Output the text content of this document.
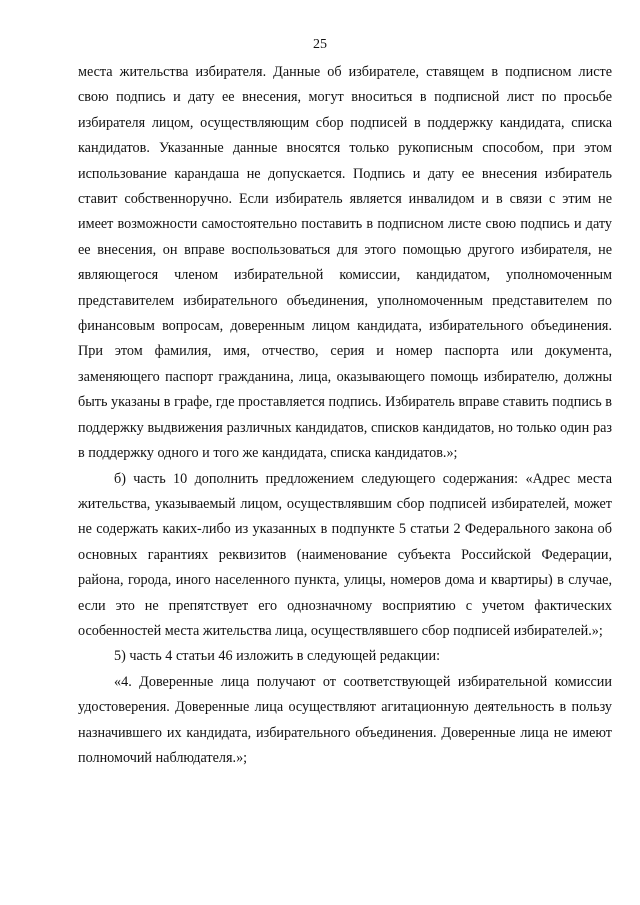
25

места жительства избирателя. Данные об избирателе, ставящем в подписном листе свою подпись и дату ее внесения, могут вноситься в подписной лист по просьбе избирателя лицом, осуществляющим сбор подписей в поддержку кандидата, списка кандидатов. Указанные данные вносятся только рукописным способом, при этом использование карандаша не допускается. Подпись и дату ее внесения избиратель ставит собственноручно. Если избиратель является инвалидом и в связи с этим не имеет возможности самостоятельно поставить в подписном листе свою подпись и дату ее внесения, он вправе воспользоваться для этого помощью другого избирателя, не являющегося членом избирательной комиссии, кандидатом, уполномоченным представителем избирательного объединения, уполномоченным представителем по финансовым вопросам, доверенным лицом кандидата, избирательного объединения. При этом фамилия, имя, отчество, серия и номер паспорта или документа, заменяющего паспорт гражданина, лица, оказывающего помощь избирателю, должны быть указаны в графе, где проставляется подпись. Избиратель вправе ставить подпись в поддержку выдвижения различных кандидатов, списков кандидатов, но только один раз в поддержку одного и того же кандидата, списка кандидатов.»;

б) часть 10 дополнить предложением следующего содержания: «Адрес места жительства, указываемый лицом, осуществлявшим сбор подписей избирателей, может не содержать каких-либо из указанных в подпункте 5 статьи 2 Федерального закона об основных гарантиях реквизитов (наименование субъекта Российской Федерации, района, города, иного населенного пункта, улицы, номеров дома и квартиры) в случае, если это не препятствует его однозначному восприятию с учетом фактических особенностей места жительства лица, осуществлявшего сбор подписей избирателей.»;

5) часть 4 статьи 46 изложить в следующей редакции:

«4. Доверенные лица получают от соответствующей избирательной комиссии удостоверения. Доверенные лица осуществляют агитационную деятельность в пользу назначившего их кандидата, избирательного объединения. Доверенные лица не имеют полномочий наблюдателя.»;
